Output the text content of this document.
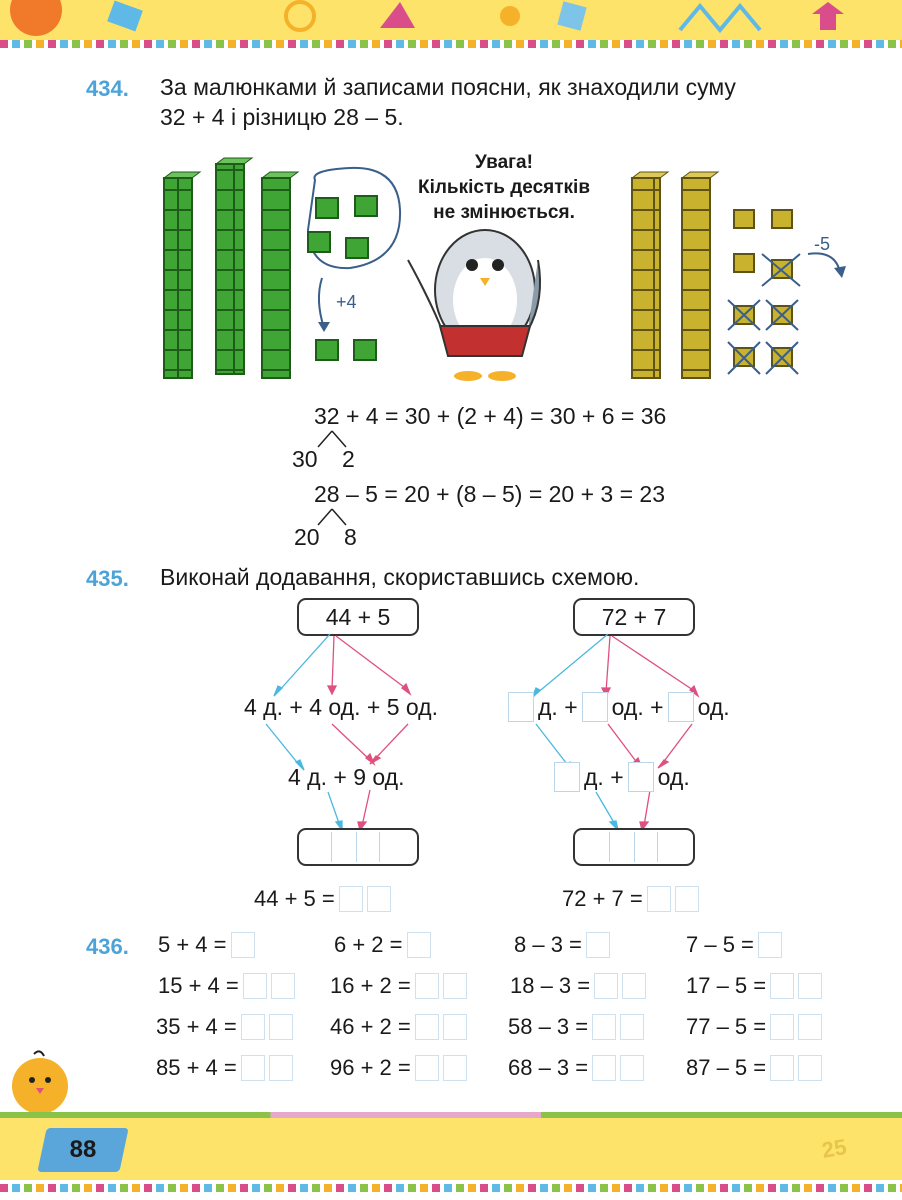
434. За малюнками й записами поясни, як знаходили суму
32 + 4 і різницю 28 – 5.
+4
-5
Увага!
Кількість десятків
не змінюється.
32 + 4 = 30 + (2 + 4) = 30 + 6 = 36
30 2
28 – 5 = 20 + (8 – 5) = 20 + 3 = 23
20 8
435. Виконай додавання, скориставшись схемою.
44 + 5	72 + 7
4 д. + 4 од. + 5 од.
4 д. + 9 од.
д. + од. + од.
д. + од.
44 + 5 =	72 + 7 =
436. 5 + 4 =	6 + 2 =	8 – 3 =	7 – 5 =
15 + 4 =	16 + 2 =	18 – 3 =	17 – 5 =
35 + 4 =	46 + 2 =	58 – 3 =	77 – 5 =
85 + 4 =	96 + 2 =	68 – 3 =	87 – 5 =
88	25
